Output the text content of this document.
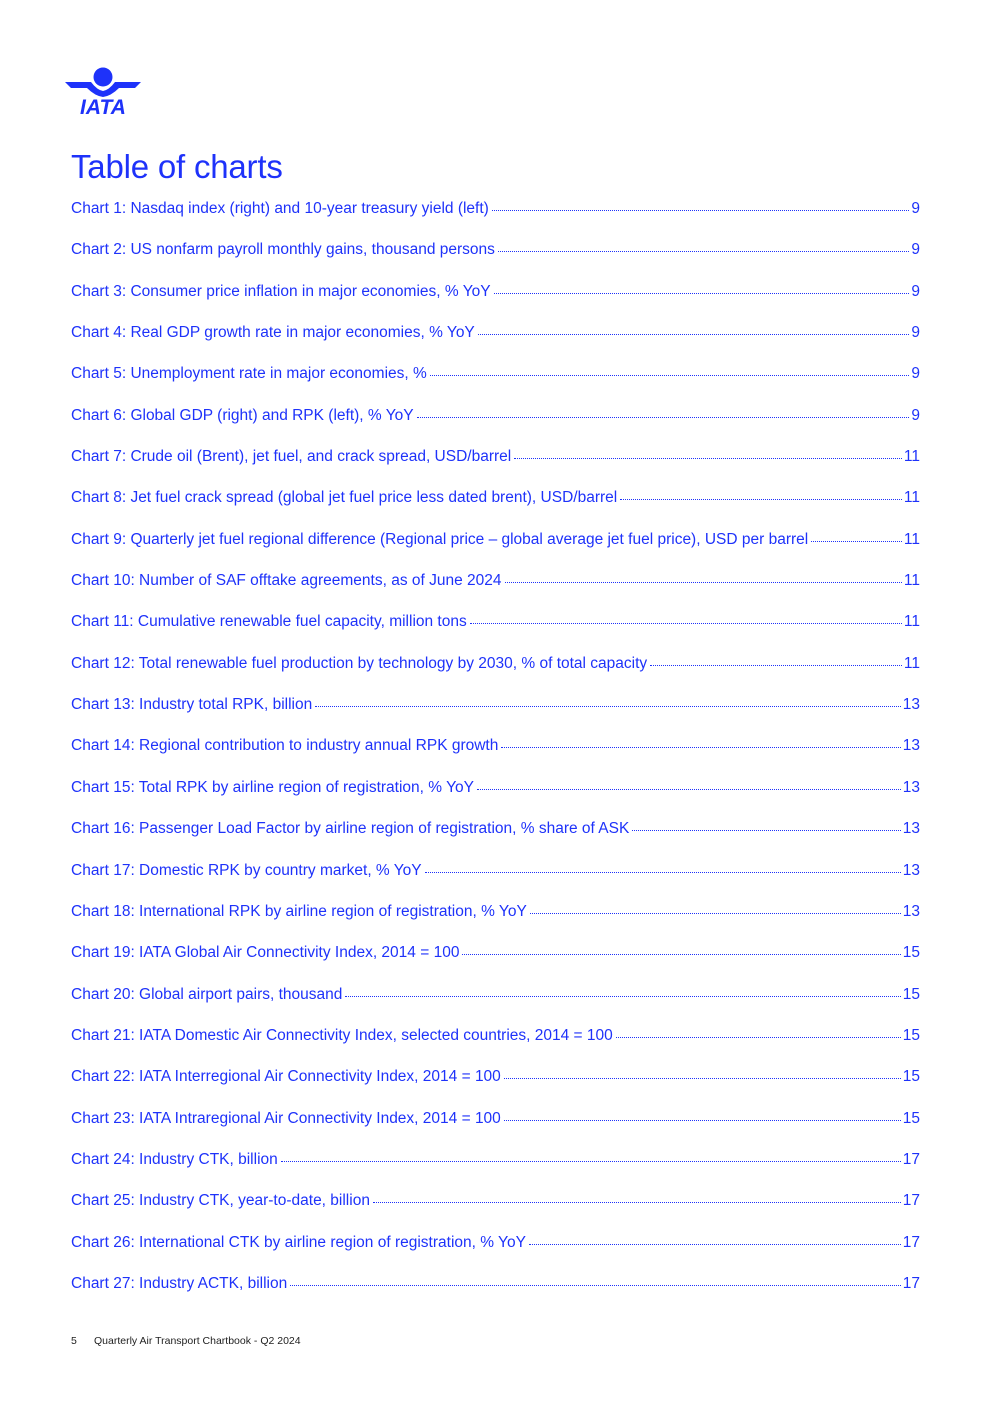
IATA
Table of charts
Chart 1: Nasdaq index (right) and 10-year treasury yield (left)	9
Chart 2: US nonfarm payroll monthly gains, thousand persons	9
Chart 3: Consumer price inflation in major economies, % YoY	9
Chart 4: Real GDP growth rate in major economies, % YoY	9
Chart 5: Unemployment rate in major economies, %	9
Chart 6: Global GDP (right) and RPK (left), % YoY	9
Chart 7: Crude oil (Brent), jet fuel, and crack spread, USD/barrel	11
Chart 8: Jet fuel crack spread (global jet fuel price less dated brent), USD/barrel	11
Chart 9: Quarterly jet fuel regional difference (Regional price – global average jet fuel price), USD per barrel	11
Chart 10: Number of SAF offtake agreements, as of June 2024	11
Chart 11: Cumulative renewable fuel capacity, million tons	11
Chart 12: Total renewable fuel production by technology by 2030, % of total capacity	11
Chart 13: Industry total RPK, billion	13
Chart 14: Regional contribution to industry annual RPK growth	13
Chart 15: Total RPK by airline region of registration, % YoY	13
Chart 16: Passenger Load Factor by airline region of registration, % share of ASK	13
Chart 17: Domestic RPK by country market, % YoY	13
Chart 18: International RPK by airline region of registration, % YoY	13
Chart 19: IATA Global Air Connectivity Index, 2014 = 100	15
Chart 20: Global airport pairs, thousand	15
Chart 21: IATA Domestic Air Connectivity Index, selected countries, 2014 = 100	15
Chart 22: IATA Interregional Air Connectivity Index, 2014 = 100	15
Chart 23: IATA Intraregional Air Connectivity Index, 2014 = 100	15
Chart 24: Industry CTK, billion	17
Chart 25: Industry CTK, year-to-date, billion	17
Chart 26: International CTK by airline region of registration, % YoY	17
Chart 27: Industry ACTK, billion	17
5 Quarterly Air Transport Chartbook - Q2 2024
